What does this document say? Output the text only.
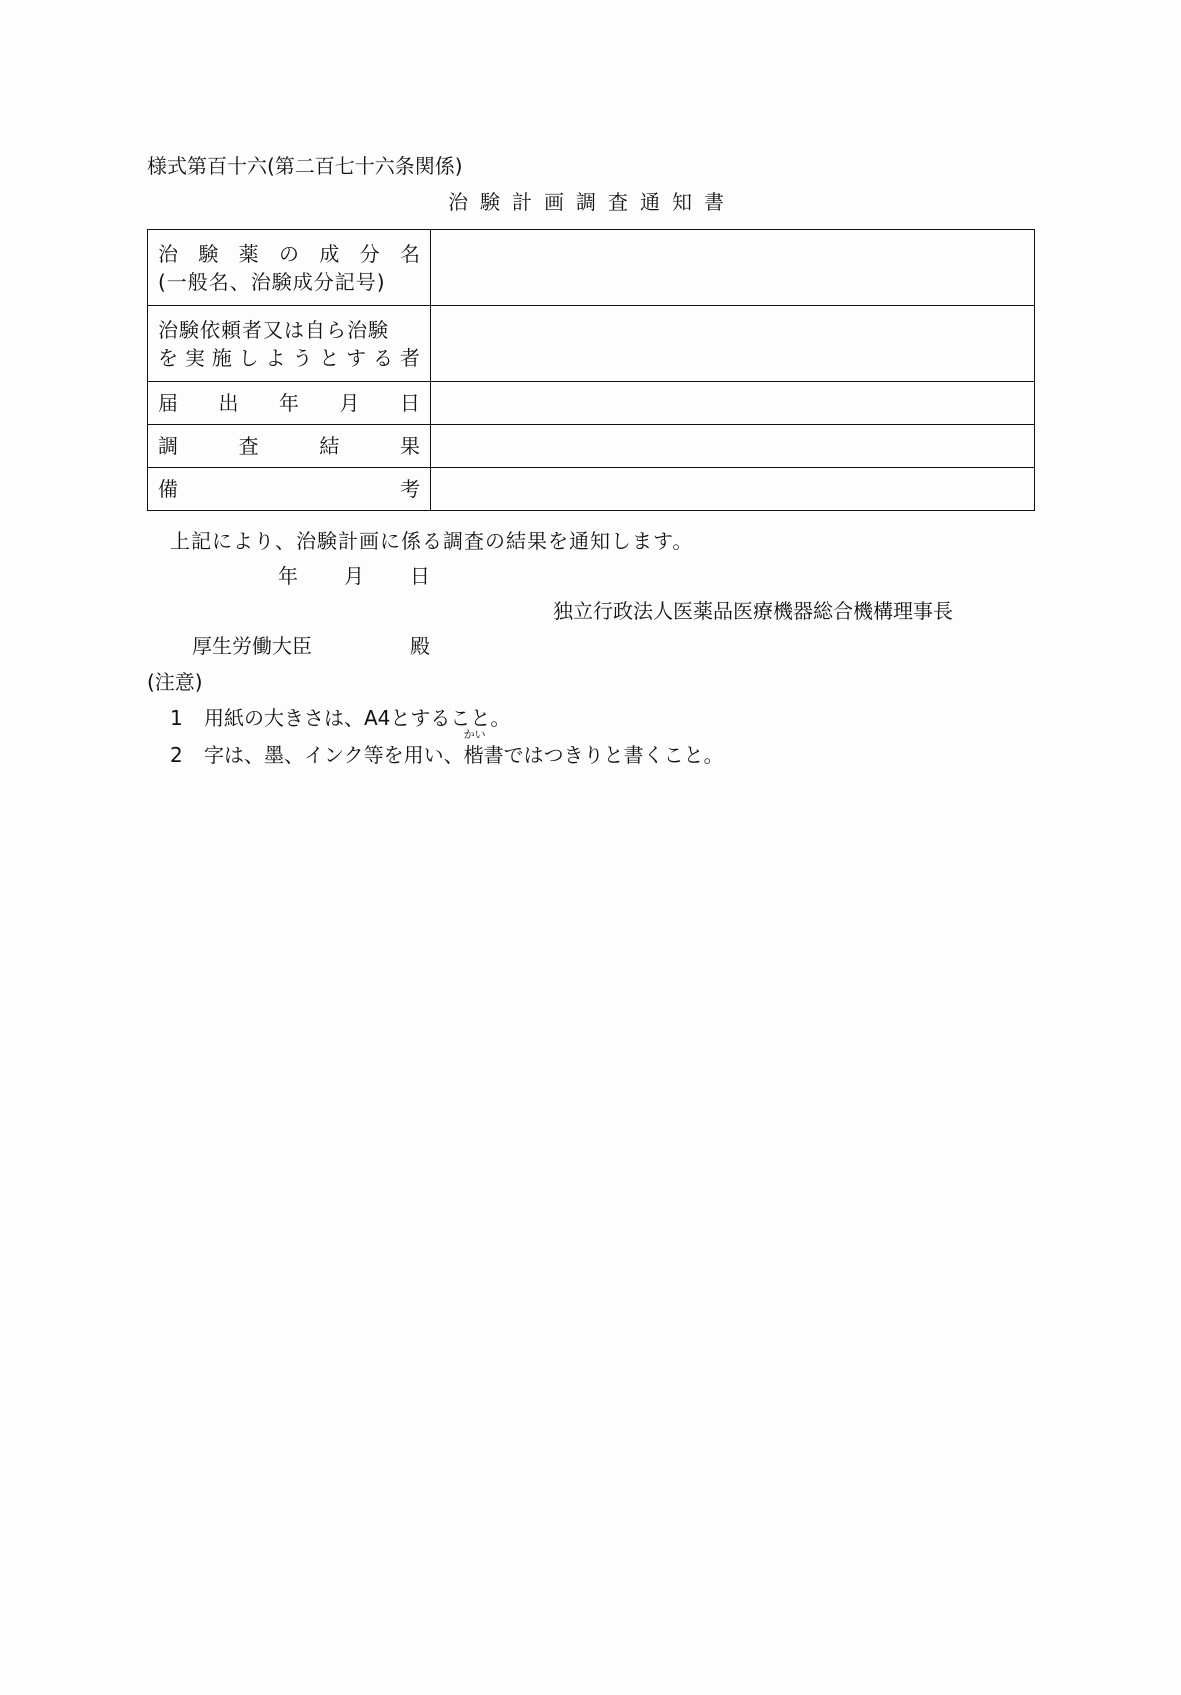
様式第百十六(第二百七十六条関係)
治験計画調査通知書
治 験 薬 の 成 分 名
(一般名、治験成分記号)

治験依頼者又は自ら治験
を 実 施 し よ う と す る 者

届 出 年 月 日	

調 査 結 果	

備 考	

上記により、治験計画に係る調査の結果を通知します。
年 月 日
独立行政法人医薬品医療機器総合機構理事長
厚生労働大臣	殿
(注意)
1 用紙の大きさは、A4とすること。
2 字は、墨、インク等を用い、
かい
楷書ではつきりと書くこと。
